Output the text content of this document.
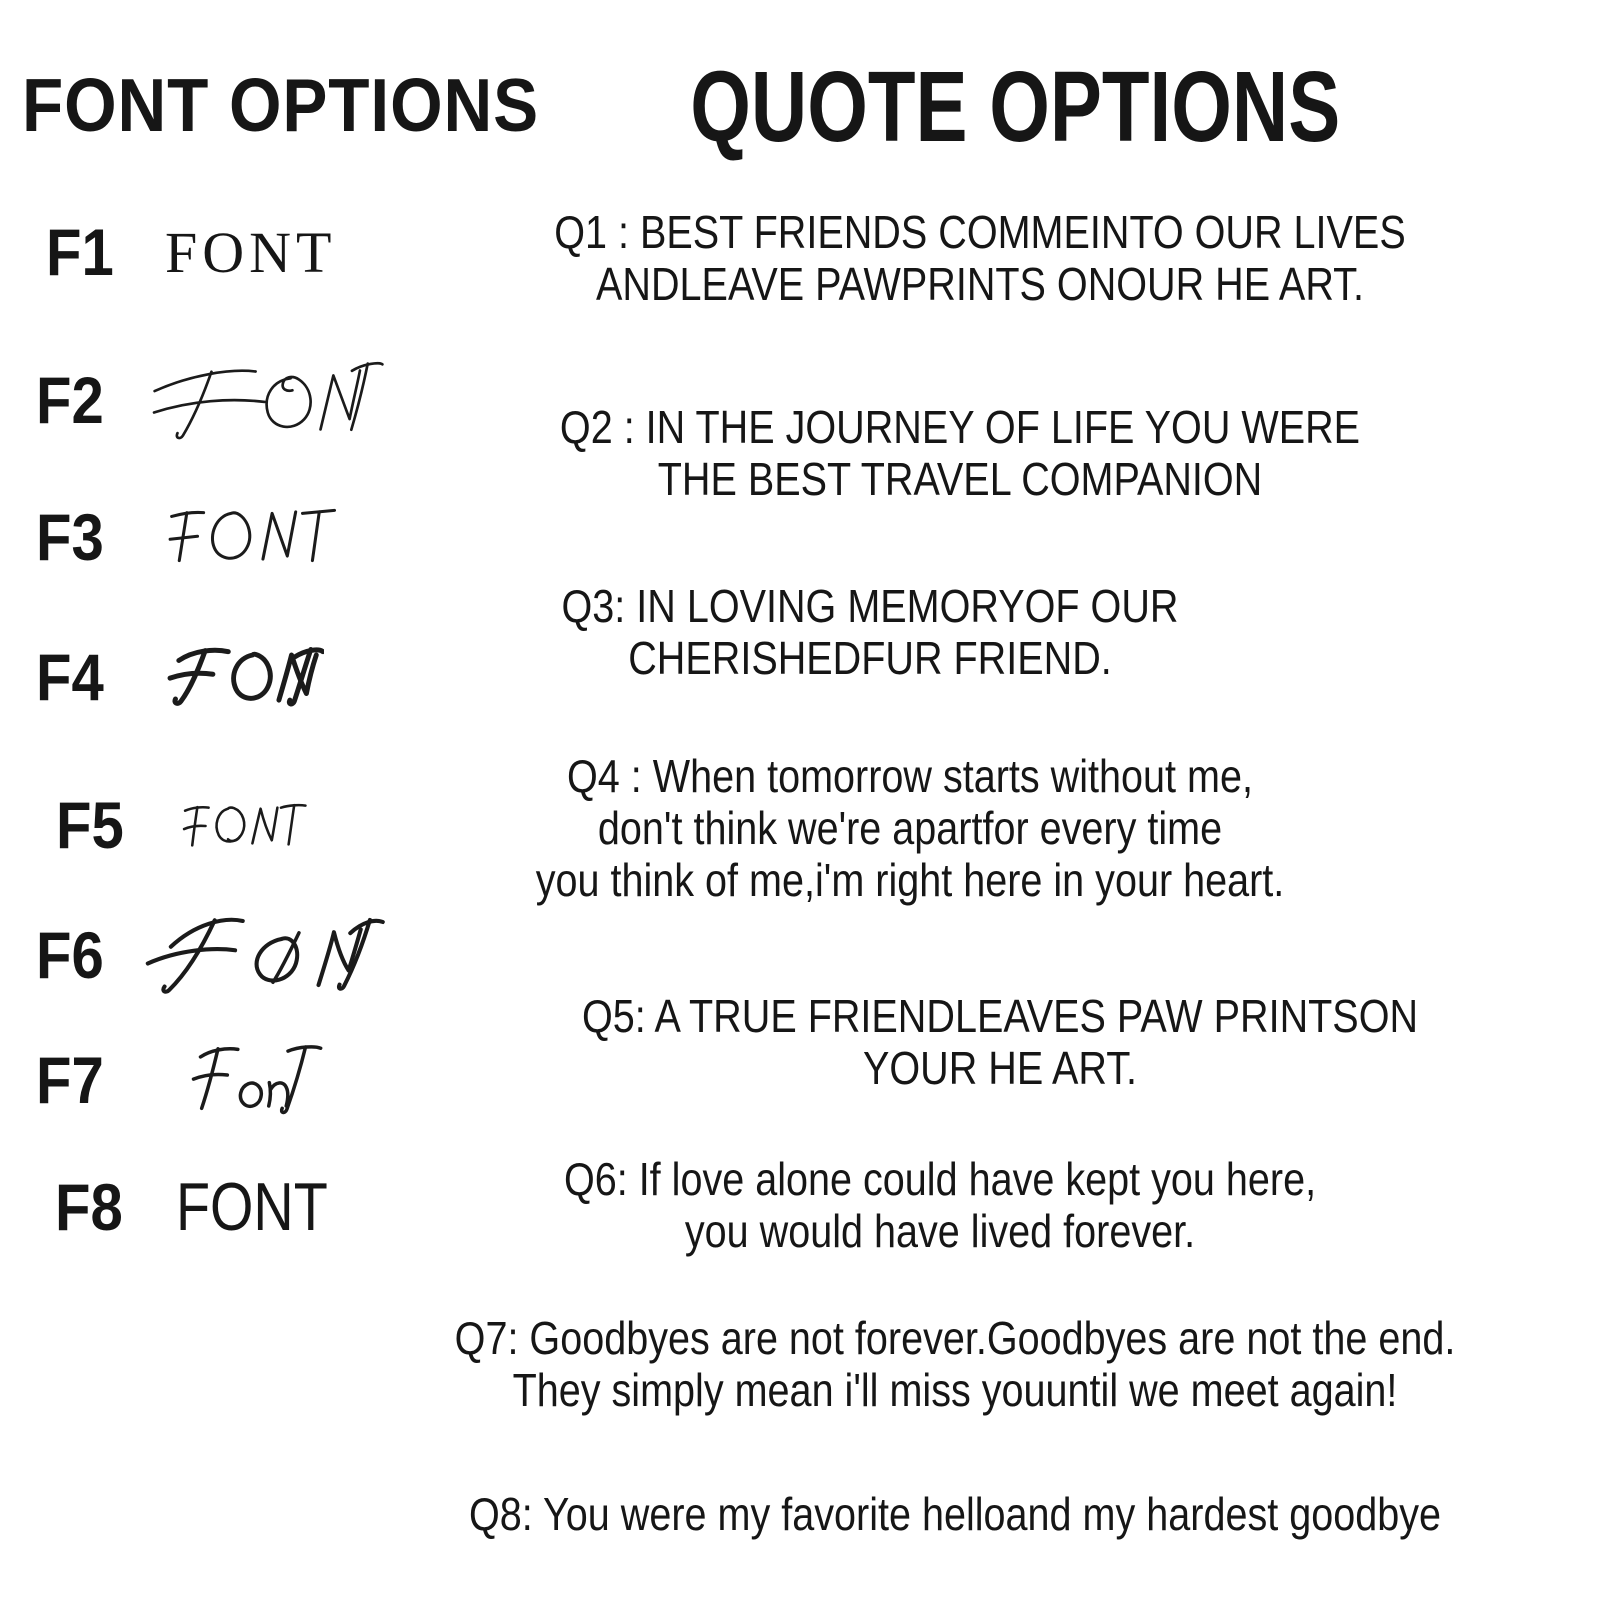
FONT OPTIONS QUOTE OPTIONS
F1 FONT
F2
F3
F4
F5
F6
F7
F8 FONT
Q1 : BEST FRIENDS COMMEINTO OUR LIVES
ANDLEAVE PAWPRINTS ONOUR HE ART.
Q2 : IN THE JOURNEY OF LIFE YOU WERE
THE BEST TRAVEL COMPANION
Q3: IN LOVING MEMORYOF OUR
CHERISHEDFUR FRIEND.
Q4 : When tomorrow starts without me,
don't think we're apartfor every time
you think of me,i'm right here in your heart.
Q5: A TRUE FRIENDLEAVES PAW PRINTSON
YOUR HE ART.
Q6: If love alone could have kept you here,
you would have lived forever.
Q7: Goodbyes are not forever.Goodbyes are not the end.
They simply mean i'll miss youuntil we meet again!
Q8: You were my favorite helloand my hardest goodbye
